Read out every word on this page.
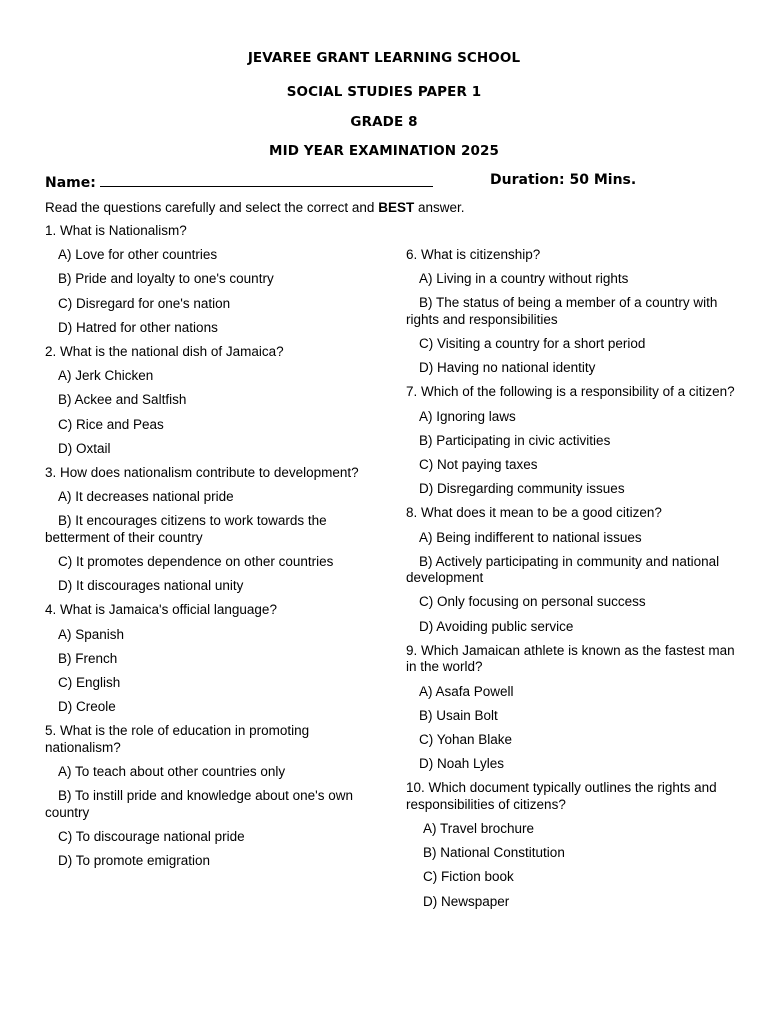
JEVAREE GRANT LEARNING SCHOOL
SOCIAL STUDIES PAPER 1
GRADE 8
MID YEAR EXAMINATION 2025
Name:	Duration: 50 Mins.
Read the questions carefully and select the correct and BEST answer.
1. What is Nationalism?
A) Love for other countries
B) Pride and loyalty to one's country
C) Disregard for one's nation
D) Hatred for other nations
2. What is the national dish of Jamaica?
A) Jerk Chicken
B) Ackee and Saltfish
C) Rice and Peas
D) Oxtail
3. How does nationalism contribute to development?
A) It decreases national pride
B) It encourages citizens to work towards the betterment of their country
C) It promotes dependence on other countries
D) It discourages national unity
4. What is Jamaica's official language?
A) Spanish
B) French
C) English
D) Creole
5. What is the role of education in promoting nationalism?
A) To teach about other countries only
B) To instill pride and knowledge about one's own country
C) To discourage national pride
D) To promote emigration
6. What is citizenship?
A) Living in a country without rights
B) The status of being a member of a country with rights and responsibilities
C) Visiting a country for a short period
D) Having no national identity
7. Which of the following is a responsibility of a citizen?
A) Ignoring laws
B) Participating in civic activities
C) Not paying taxes
D) Disregarding community issues
8. What does it mean to be a good citizen?
A) Being indifferent to national issues
B) Actively participating in community and national development
C) Only focusing on personal success
D) Avoiding public service
9. Which Jamaican athlete is known as the fastest man in the world?
A) Asafa Powell
B) Usain Bolt
C) Yohan Blake
D) Noah Lyles
10. Which document typically outlines the rights and responsibilities of citizens?
A) Travel brochure
B) National Constitution
C) Fiction book
D) Newspaper
